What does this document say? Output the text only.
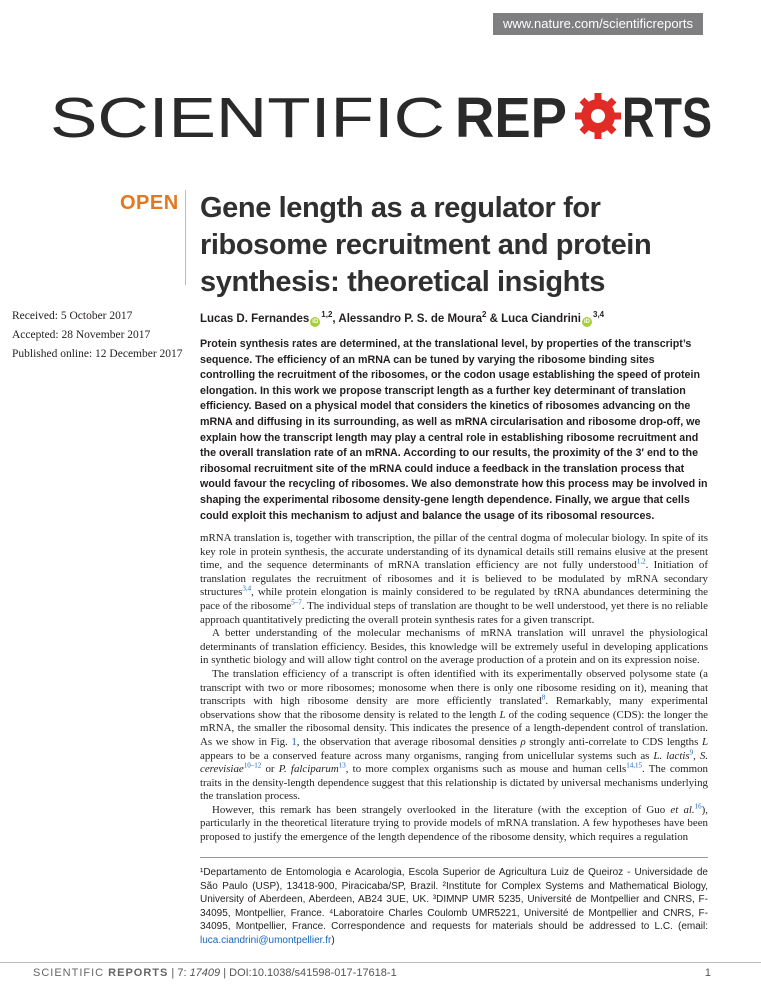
www.nature.com/scientificreports
SCIENTIFIC REP RTS
OPEN Gene length as a regulator for ribosome recruitment and protein synthesis: theoretical insights
Received: 5 October 2017
Accepted: 28 November 2017
Published online: 12 December 2017
Lucas D. Fernandes iD$^{1,2}$, Alessandro P. S. de Moura$^2$ & Luca Ciandrini iD$^{3,4}$

Protein synthesis rates are determined, at the translational level, by properties of the transcript’s sequence. The efficiency of an mRNA can be tuned by varying the ribosome binding sites controlling the recruitment of the ribosomes, or the codon usage establishing the speed of protein elongation. In this work we propose transcript length as a further key determinant of translation efficiency. Based on a physical model that considers the kinetics of ribosomes advancing on the mRNA and diffusing in its surrounding, as well as mRNA circularisation and ribosome drop-off, we explain how the transcript length may play a central role in establishing ribosome recruitment and the overall translation rate of an mRNA. According to our results, the proximity of the 3′ end to the ribosomal recruitment site of the mRNA could induce a feedback in the translation process that would favour the recycling of ribosomes. We also demonstrate how this process may be involved in shaping the experimental ribosome density-gene length dependence. Finally, we argue that cells could exploit this mechanism to adjust and balance the usage of its ribosomal resources.

mRNA translation is, together with transcription, the pillar of the central dogma of molecular biology. In spite of its key role in protein synthesis, the accurate understanding of its dynamical details still remains elusive at the present time, and the sequence determinants of mRNA translation efficiency are not fully understood$^{1,2}$. Initiation of translation regulates the recruitment of ribosomes and it is believed to be modulated by mRNA secondary structures$^{3,4}$, while protein elongation is mainly considered to be regulated by tRNA abundances determining the pace of the ribosome$^{5-7}$. The individual steps of translation are thought to be well understood, yet there is no reliable approach quantitatively predicting the overall protein synthesis rates for a given transcript.

A better understanding of the molecular mechanisms of mRNA translation will unravel the physiological determinants of translation efficiency. Besides, this knowledge will be extremely useful in developing applications in synthetic biology and will allow tight control on the average production of a protein and on its expression noise.

The translation efficiency of a transcript is often identified with its experimentally observed polysome state (a transcript with two or more ribosomes; monosome when there is only one ribosome residing on it), meaning that transcripts with high ribosome density are more efficiently translated$^8$. Remarkably, many experimental observations show that the ribosome density is related to the length L of the coding sequence (CDS): the longer the mRNA, the smaller the ribosomal density. This indicates the presence of a length-dependent control of translation. As we show in Fig. 1, the observation that average ribosomal densities ρ strongly anti-correlate to CDS lengths L appears to be a conserved feature across many organisms, ranging from unicellular systems such as L. lactis$^9$, S. cerevisiae$^{10-12}$ or P. falciparum$^{13}$, to more complex organisms such as mouse and human cells$^{14,15}$. The common traits in the density-length dependence suggest that this relationship is dictated by universal mechanisms underlying the translation process.

However, this remark has been strangely overlooked in the literature (with the exception of Guo et al.$^{16}$), particularly in the theoretical literature trying to provide models of mRNA translation. A few hypotheses have been proposed to justify the emergence of the length dependence of the ribosome density, which requires a regulation

¹Departamento de Entomologia e Acarologia, Escola Superior de Agricultura Luiz de Queiroz - Universidade de São Paulo (USP), 13418-900, Piracicaba/SP, Brazil. ²Institute for Complex Systems and Mathematical Biology, University of Aberdeen, Aberdeen, AB24 3UE, UK. ³DIMNP UMR 5235, Université de Montpellier and CNRS, F-34095, Montpellier, France. ⁴Laboratoire Charles Coulomb UMR5221, Université de Montpellier and CNRS, F-34095, Montpellier, France. Correspondence and requests for materials should be addressed to L.C. (email: luca.ciandrini@umontpellier.fr)
SCIENTIFIC REPORTS | 7: 17409 | DOI:10.1038/s41598-017-17618-1	1
